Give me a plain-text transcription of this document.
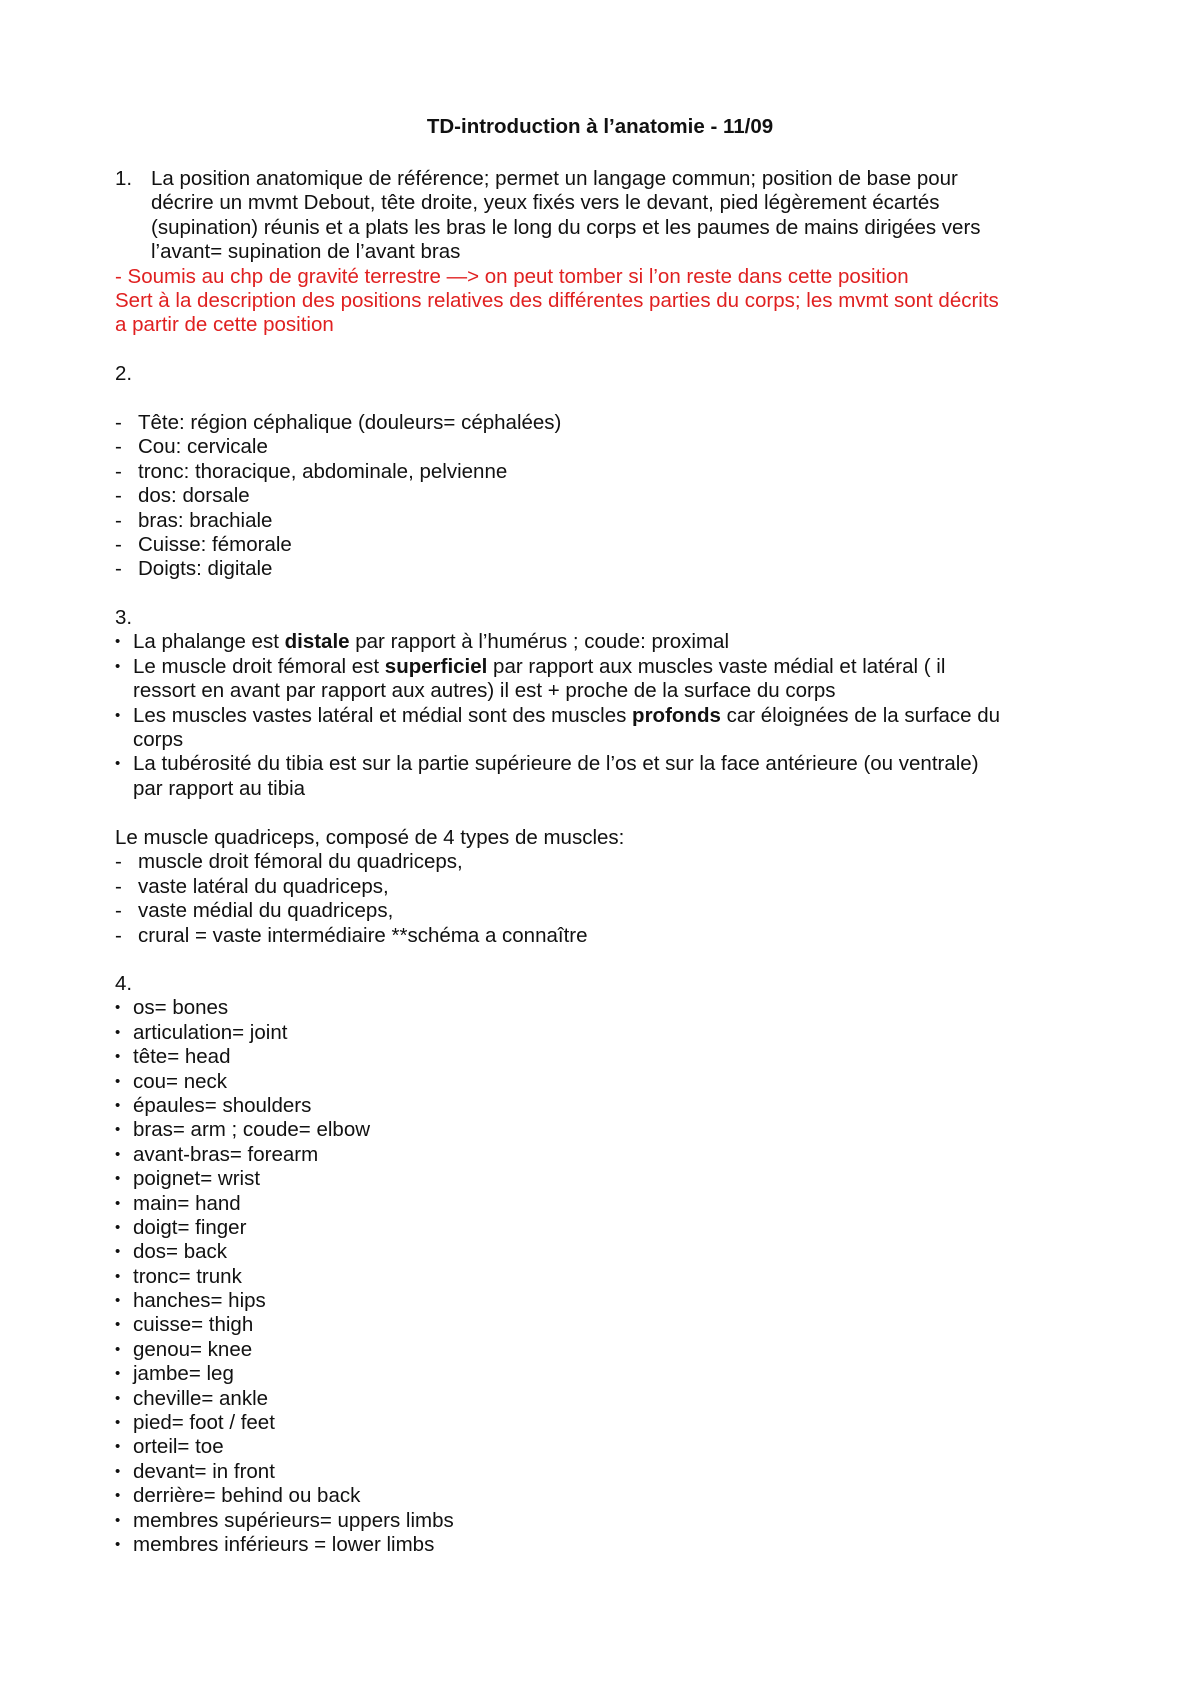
TD-introduction à l’anatomie - 11/09
1. La position anatomique de référence; permet un langage commun; position de base pour
décrire un mvmt Debout, tête droite, yeux fixés vers le devant, pied légèrement écartés
(supination) réunis et a plats les bras le long du corps et les paumes de mains dirigées vers
l’avant= supination de l’avant bras
- Soumis au chp de gravité terrestre —> on peut tomber si l’on reste dans cette position
Sert à la description des positions relatives des différentes parties du corps; les mvmt sont décrits
a partir de cette position
2.
- Tête: région céphalique (douleurs= céphalées)
- Cou: cervicale
- tronc: thoracique, abdominale, pelvienne
- dos: dorsale
- bras: brachiale
- Cuisse: fémorale
- Doigts: digitale
3.
• La phalange est distale par rapport à l’humérus ; coude: proximal
• Le muscle droit fémoral est superficiel par rapport aux muscles vaste médial et latéral ( il
ressort en avant par rapport aux autres) il est + proche de la surface du corps
• Les muscles vastes latéral et médial sont des muscles profonds car éloignées de la surface du
corps
• La tubérosité du tibia est sur la partie supérieure de l’os et sur la face antérieure (ou ventrale)
par rapport au tibia
Le muscle quadriceps, composé de 4 types de muscles:
- muscle droit fémoral du quadriceps,
- vaste latéral du quadriceps,
- vaste médial du quadriceps,
- crural = vaste intermédiaire **schéma a connaître
4.
• os= bones
• articulation= joint
• tête= head
• cou= neck
• épaules= shoulders
• bras= arm ; coude= elbow
• avant-bras= forearm
• poignet= wrist
• main= hand
• doigt= finger
• dos= back
• tronc= trunk
• hanches= hips
• cuisse= thigh
• genou= knee
• jambe= leg
• cheville= ankle
• pied= foot / feet
• orteil= toe
• devant= in front
• derrière= behind ou back
• membres supérieurs= uppers limbs
• membres inférieurs = lower limbs
